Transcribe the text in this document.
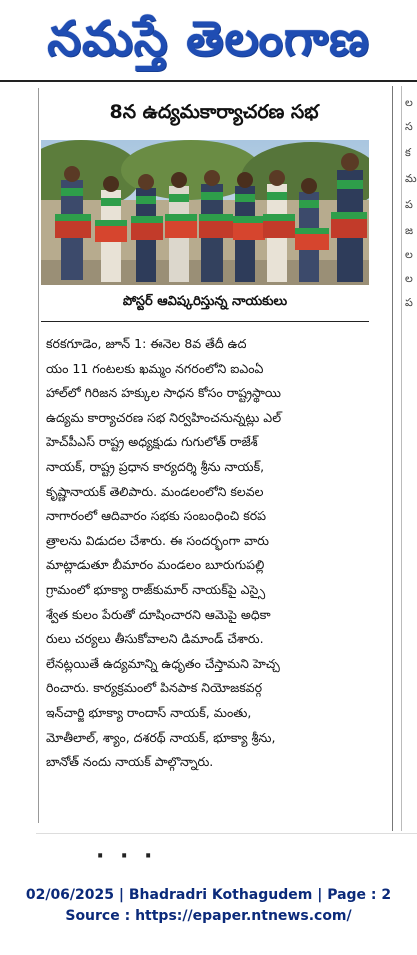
నమస్తే తెలంగాణ
ల
స
క
మ
ప
జ
ల
ల
ప
8న ఉద్యమకార్యాచరణ సభ
పోస్టర్ ఆవిష్కరిస్తున్న నాయకులు
కరకగూడెం, జూన్ 1: ఈనెల 8వ తేదీ ఉద
యం 11 గంటలకు ఖమ్మం నగరంలోని ఐఎంఏ
హాల్‌లో గిరిజన హక్కుల సాధన కోసం రాష్ట్రస్థాయి
ఉద్యమ కార్యాచరణ సభ నిర్వహించనున్నట్లు ఎల్
హెచ్‌పీఎస్ రాష్ట్ర అధ్యక్షుడు గుగులోత్ రాజేశ్
నాయక్, రాష్ట్ర ప్రధాన కార్యదర్శి శ్రీను నాయక్,
కృష్ణానాయక్ తెలిపారు. మండలంలోని కలవల
నాగారంలో ఆదివారం సభకు సంబంధించి కరప
త్రాలను విడుదల చేశారు. ఈ సందర్భంగా వారు
మాట్లాడుతూ బీమారం మండలం బూరుగుపల్లి
గ్రామంలో భూక్యా రాజ్‌కుమార్ నాయక్‌పై ఎస్సై
శ్వేత కులం పేరుతో దూషించారని ఆమెపై అధికా
రులు చర్యలు తీసుకోవాలని డిమాండ్ చేశారు.
లేనట్లయితే ఉద్యమాన్ని ఉధృతం చేస్తామని హెచ్చ
రించారు. కార్యక్రమంలో పినపాక నియోజకవర్గ
ఇన్‌చార్జి భూక్యా రాందాస్ నాయక్, మంతు,
మోతీలాల్, శ్యాం, దశరథ్ నాయక్, భూక్యా శ్రీను,
బానోత్ నందు నాయక్ పాల్గొన్నారు.
· · ·
02/06/2025 | Bhadradri Kothagudem | Page : 2
Source : https://epaper.ntnews.com/
